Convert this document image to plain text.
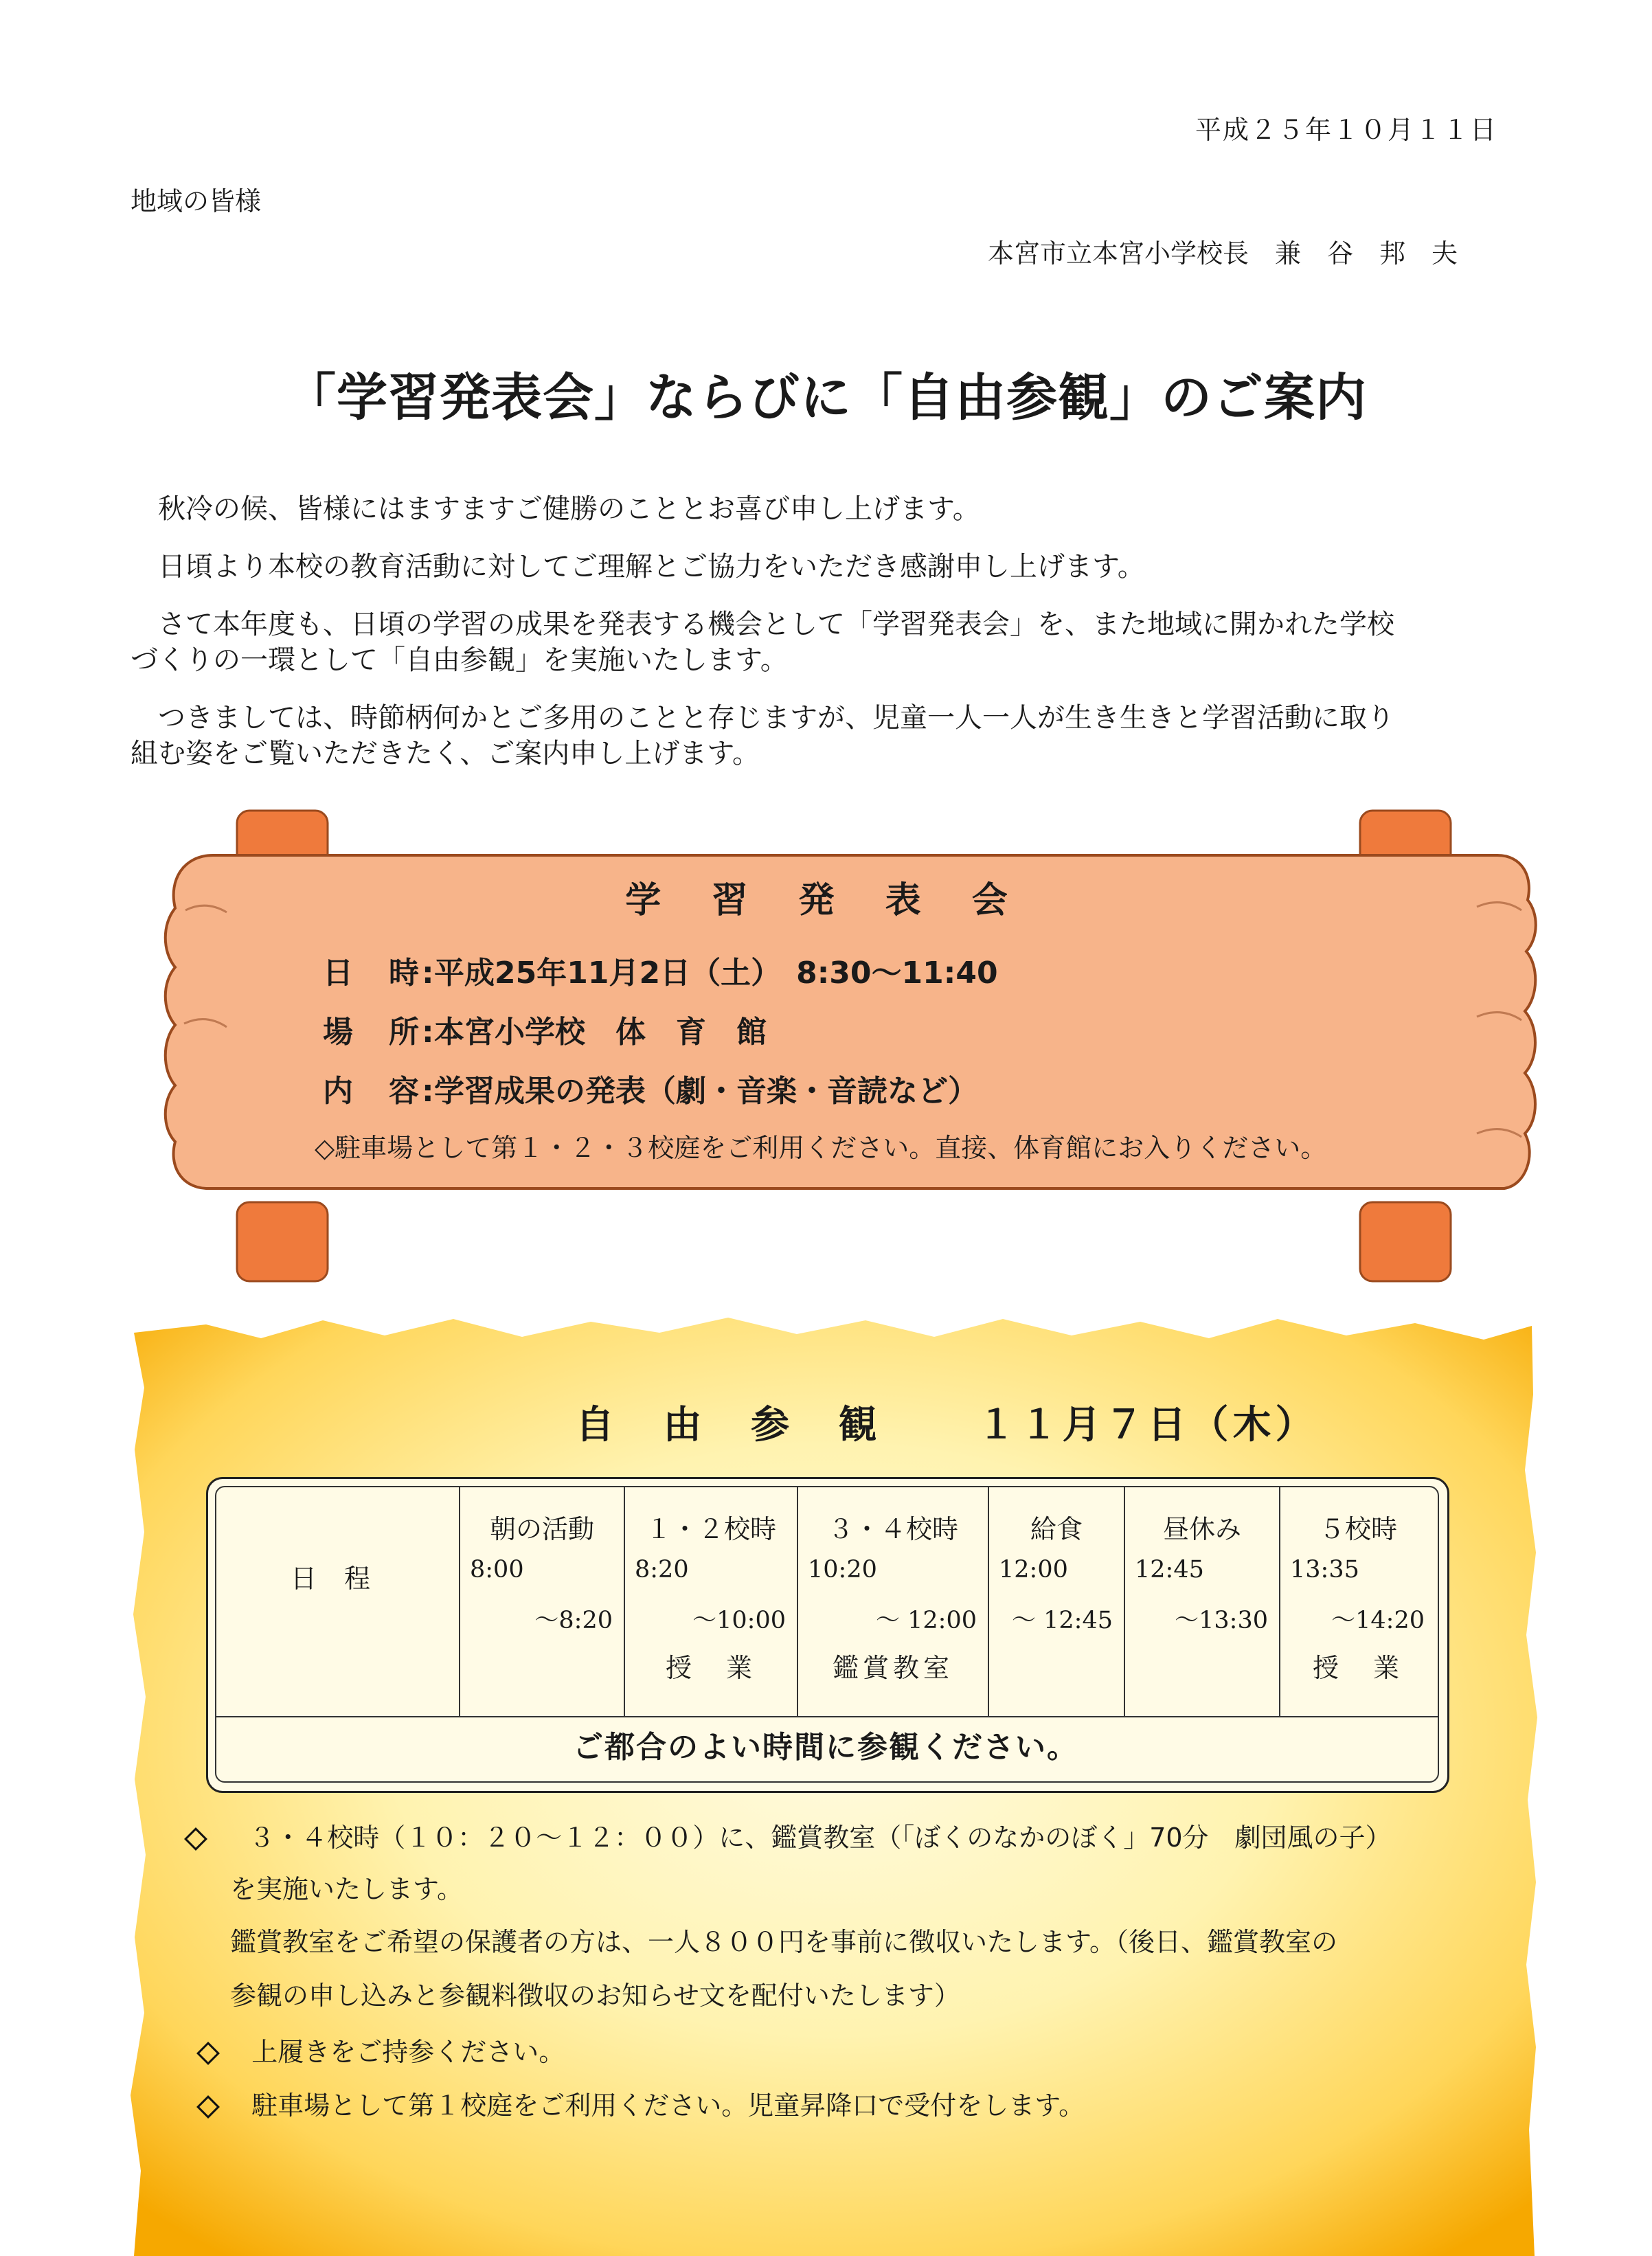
平成２５年１０月１１日
地域の皆様
本宮市立本宮小学校長　兼　谷　邦　夫
「学習発表会」ならびに「自由参観」のご案内

　秋冷の候、皆様にはますますご健勝のこととお喜び申し上げます。

　日頃より本校の教育活動に対してご理解とご協力をいただき感謝申し上げます。

　さて本年度も、日頃の学習の成果を発表する機会として「学習発表会」を、また地域に開かれた学校
づくりの一環として「自由参観」を実施いたします。

　つきましては、時節柄何かとご多用のことと存じますが、児童一人一人が生き生きと学習活動に取り
組む姿をご覧いただきたく、ご案内申し上げます。

学 習 発 表 会
日　時:平成25年11月2日（土）　8:30～11:40
場　所:本宮小学校　体　育　館
内　容:学習成果の発表（劇・音楽・音読など）
◇駐車場として第１・２・３校庭をご利用ください。直接、体育館にお入りください。
自 由 参 観 １１月７日（木）
日程
朝の活動
8:00
～8:20
１・２校時
8:20
～10:00
授　業
３・４校時
10:20
～ 12:00
鑑賞教室
給食
12:00
～ 12:45
昼休み
12:45
～13:30
５校時
13:35
～14:20
授　業
ご都合のよい時間に参観ください。
３・４校時（１０：２０～１２：００）に、鑑賞教室（「ぼくのなかのぼく」70分　劇団風の子）
を実施いたします。
鑑賞教室をご希望の保護者の方は、一人８００円を事前に徴収いたします。（後日、鑑賞教室の
参観の申し込みと参観料徴収のお知らせ文を配付いたします）
上履きをご持参ください。
駐車場として第１校庭をご利用ください。児童昇降口で受付をします。
